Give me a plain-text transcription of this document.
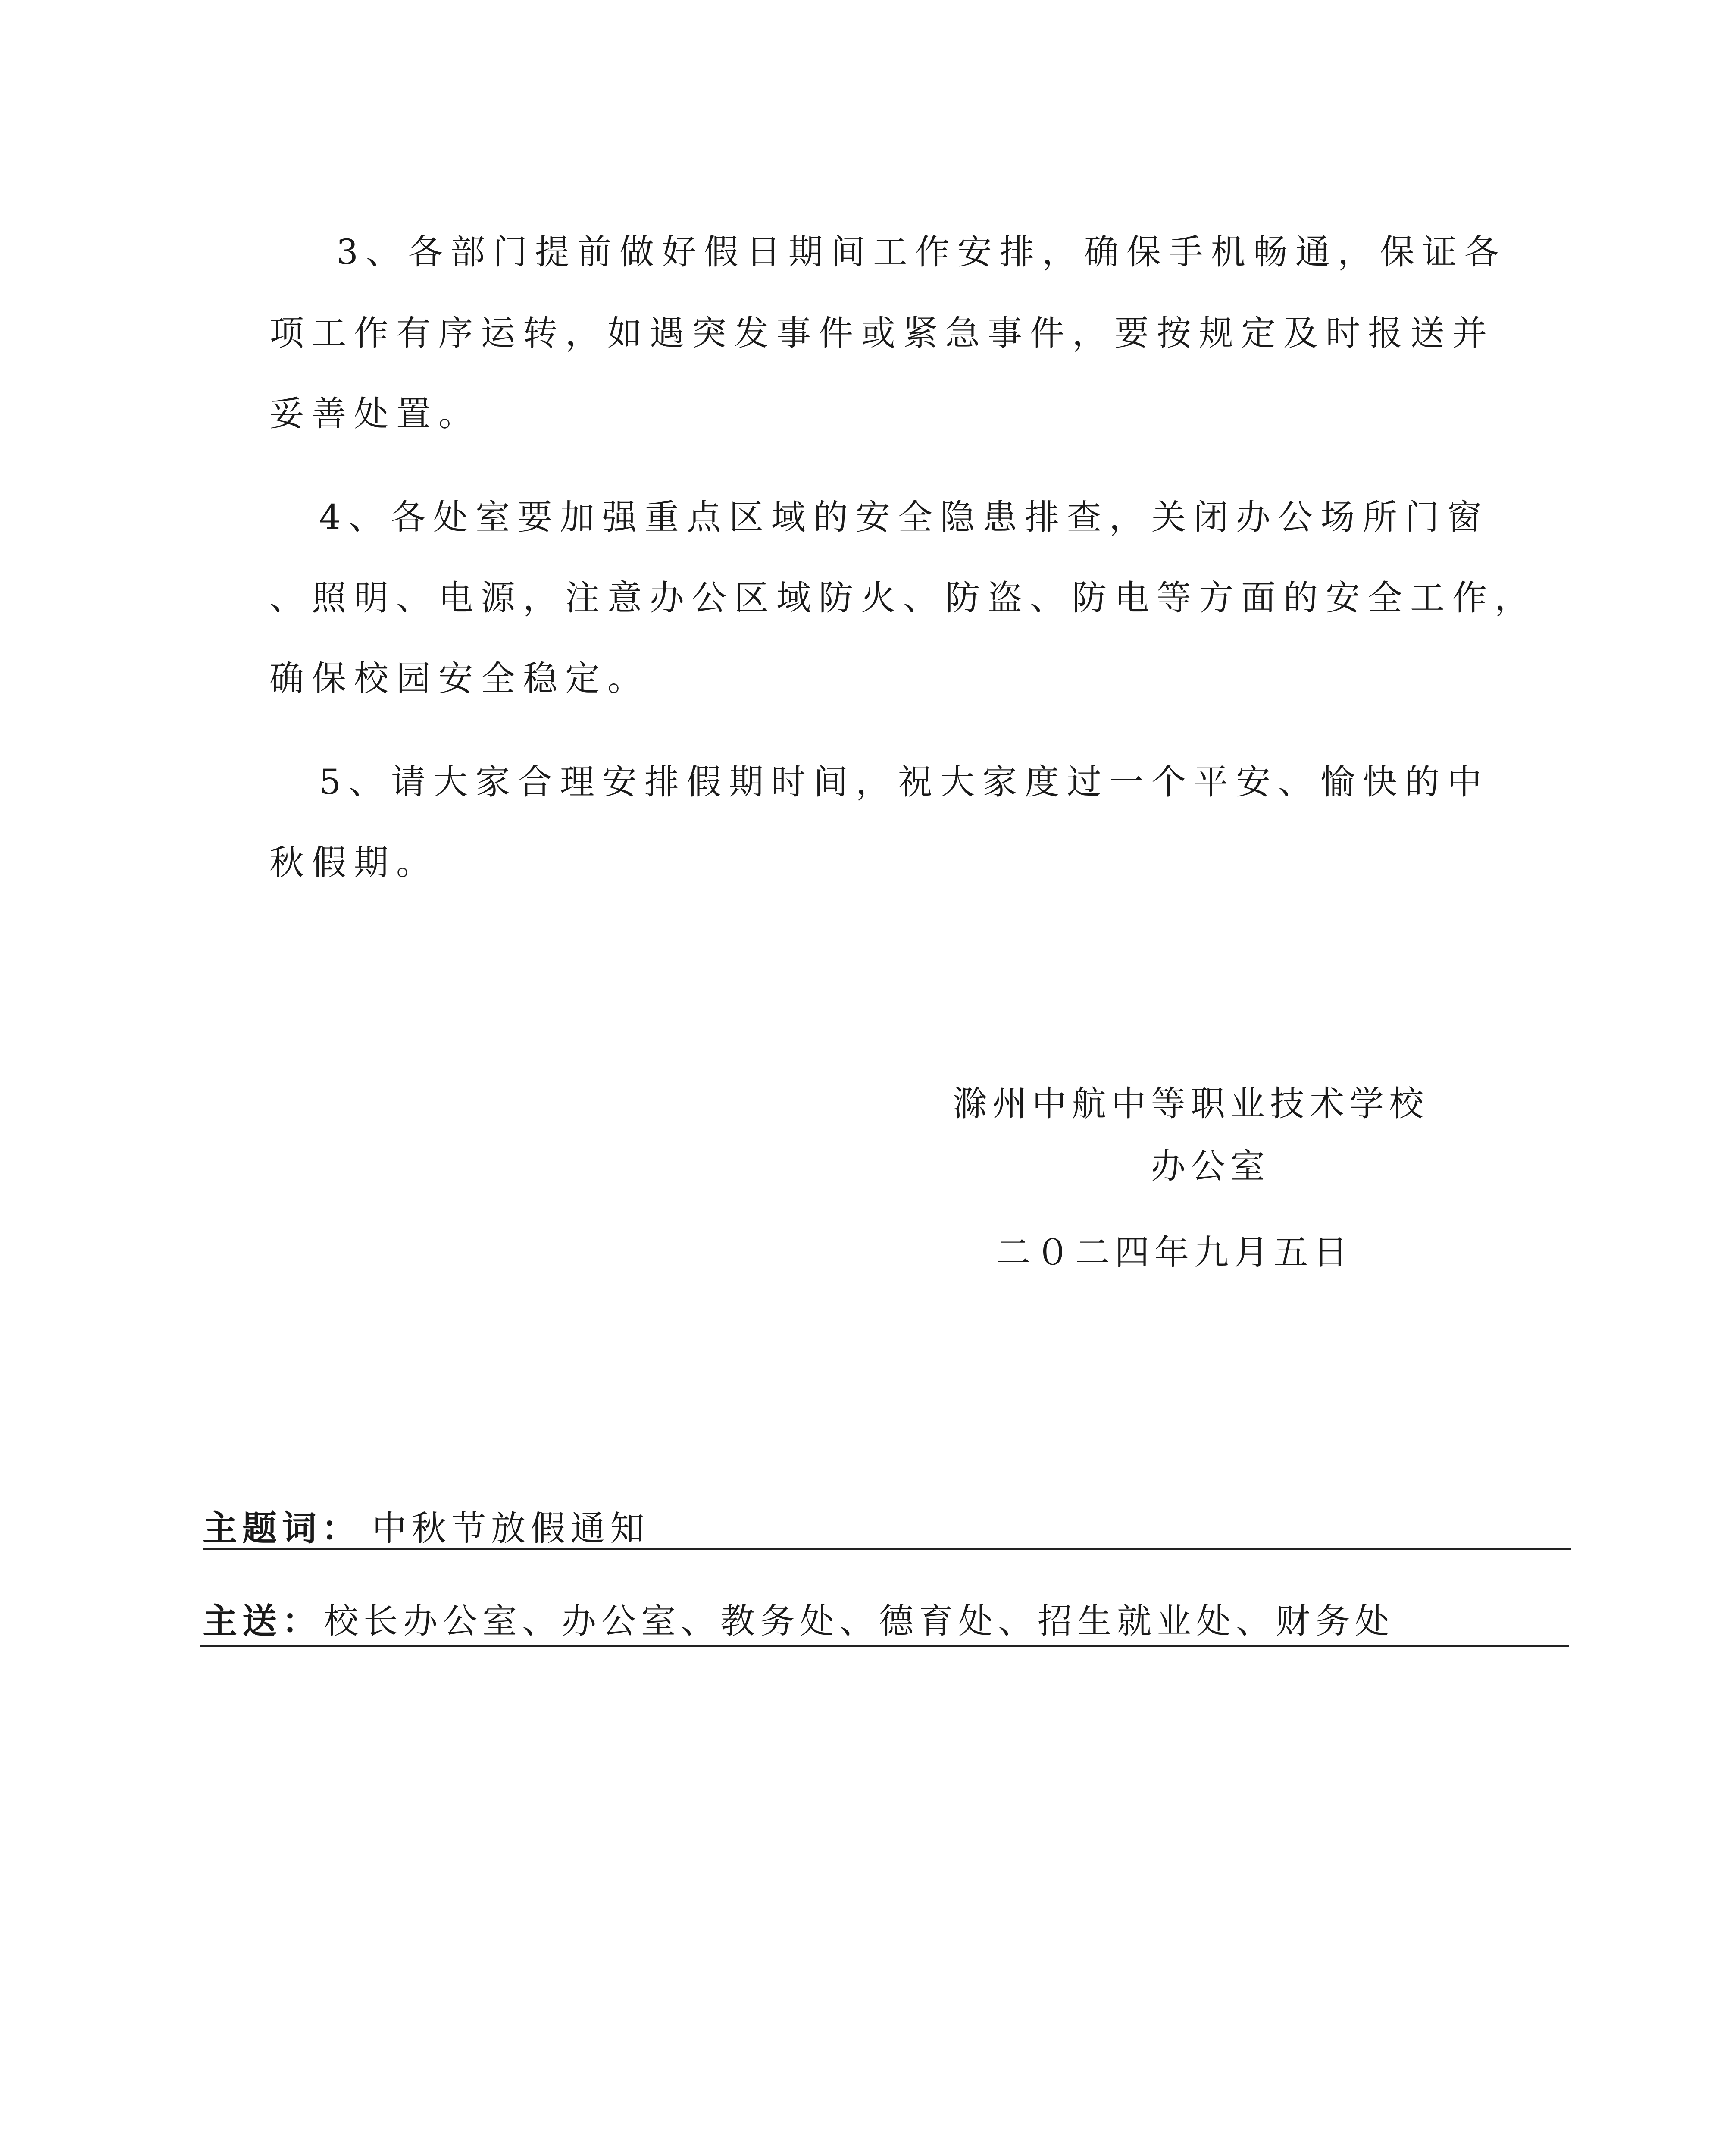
3、各部门提前做好假日期间工作安排，确保手机畅通，保证各
项工作有序运转，如遇突发事件或紧急事件，要按规定及时报送并
妥善处置。
4、各处室要加强重点区域的安全隐患排查，关闭办公场所门窗
、照明、电源，注意办公区域防火、防盗、防电等方面的安全工作，
确保校园安全稳定。
5、请大家合理安排假期时间，祝大家度过一个平安、愉快的中
秋假期。
滁州中航中等职业技术学校
办公室
二０二四年九月五日
主题词： 中秋节放假通知
主送： 校长办公室、办公室、教务处、德育处、招生就业处、财务处
